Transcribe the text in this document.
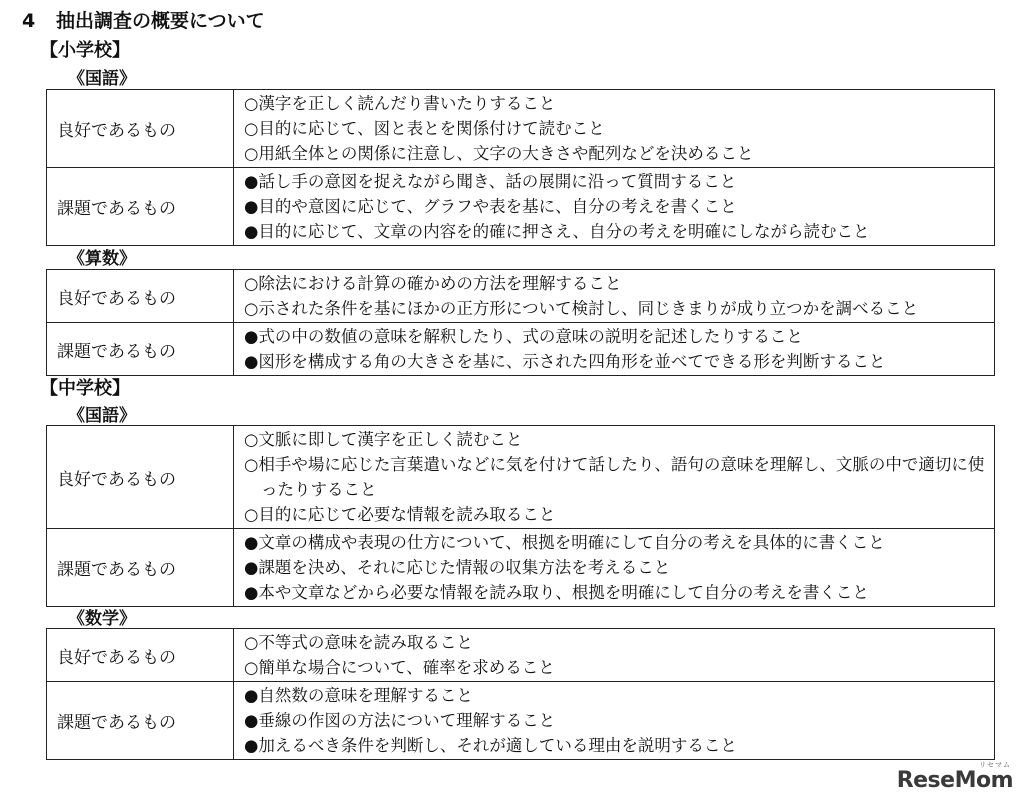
4 抽出調査の概要について
【小学校】
《国語》
良好であるもの	○漢字を正しく読んだり書いたりすること
○目的に応じて、図と表とを関係付けて読むこと
○用紙全体との関係に注意し、文字の大きさや配列などを決めること

課題であるもの	●話し手の意図を捉えながら聞き、話の展開に沿って質問すること
●目的や意図に応じて、グラフや表を基に、自分の考えを書くこと
●目的に応じて、文章の内容を的確に押さえ、自分の考えを明確にしながら読むこと
《算数》
良好であるもの	○除法における計算の確かめの方法を理解すること
○示された条件を基にほかの正方形について検討し、同じきまりが成り立つかを調べること

課題であるもの	●式の中の数値の意味を解釈したり、式の意味の説明を記述したりすること
●図形を構成する角の大きさを基に、示された四角形を並べてできる形を判断すること
【中学校】
《国語》
良好であるもの	○文脈に即して漢字を正しく読むこと
○相手や場に応じた言葉遣いなどに気を付けて話したり、語句の意味を理解し、文脈の中で適切に使ったりすること
○目的に応じて必要な情報を読み取ること

課題であるもの	●文章の構成や表現の仕方について、根拠を明確にして自分の考えを具体的に書くこと
●課題を決め、それに応じた情報の収集方法を考えること
●本や文章などから必要な情報を読み取り、根拠を明確にして自分の考えを書くこと
《数学》
良好であるもの	○不等式の意味を読み取ること
○簡単な場合について、確率を求めること

課題であるもの	●自然数の意味を理解すること
●垂線の作図の方法について理解すること
●加えるべき条件を判断し、それが適している理由を説明すること
リセマム
ReseMom
